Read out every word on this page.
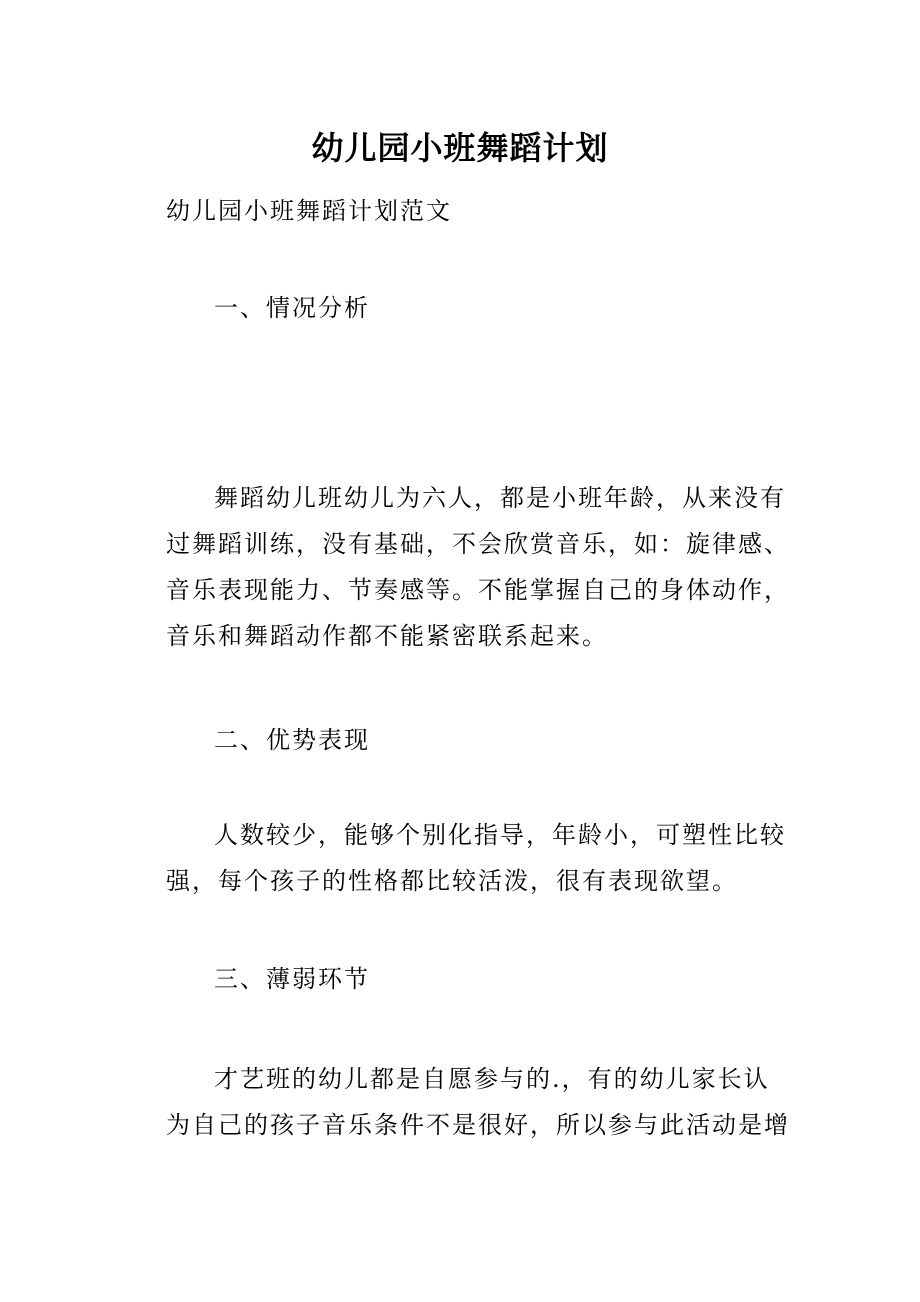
幼儿园小班舞蹈计划
幼儿园小班舞蹈计划范文
一、情况分析
舞蹈幼儿班幼儿为六人，都是小班年龄，从来没有
过舞蹈训练，没有基础，不会欣赏音乐，如：旋律感、
音乐表现能力、节奏感等。不能掌握自己的身体动作，
音乐和舞蹈动作都不能紧密联系起来。
二、优势表现
人数较少，能够个别化指导，年龄小，可塑性比较
强，每个孩子的性格都比较活泼，很有表现欲望。
三、薄弱环节
才艺班的幼儿都是自愿参与的.，有的幼儿家长认
为自己的孩子音乐条件不是很好，所以参与此活动是增
